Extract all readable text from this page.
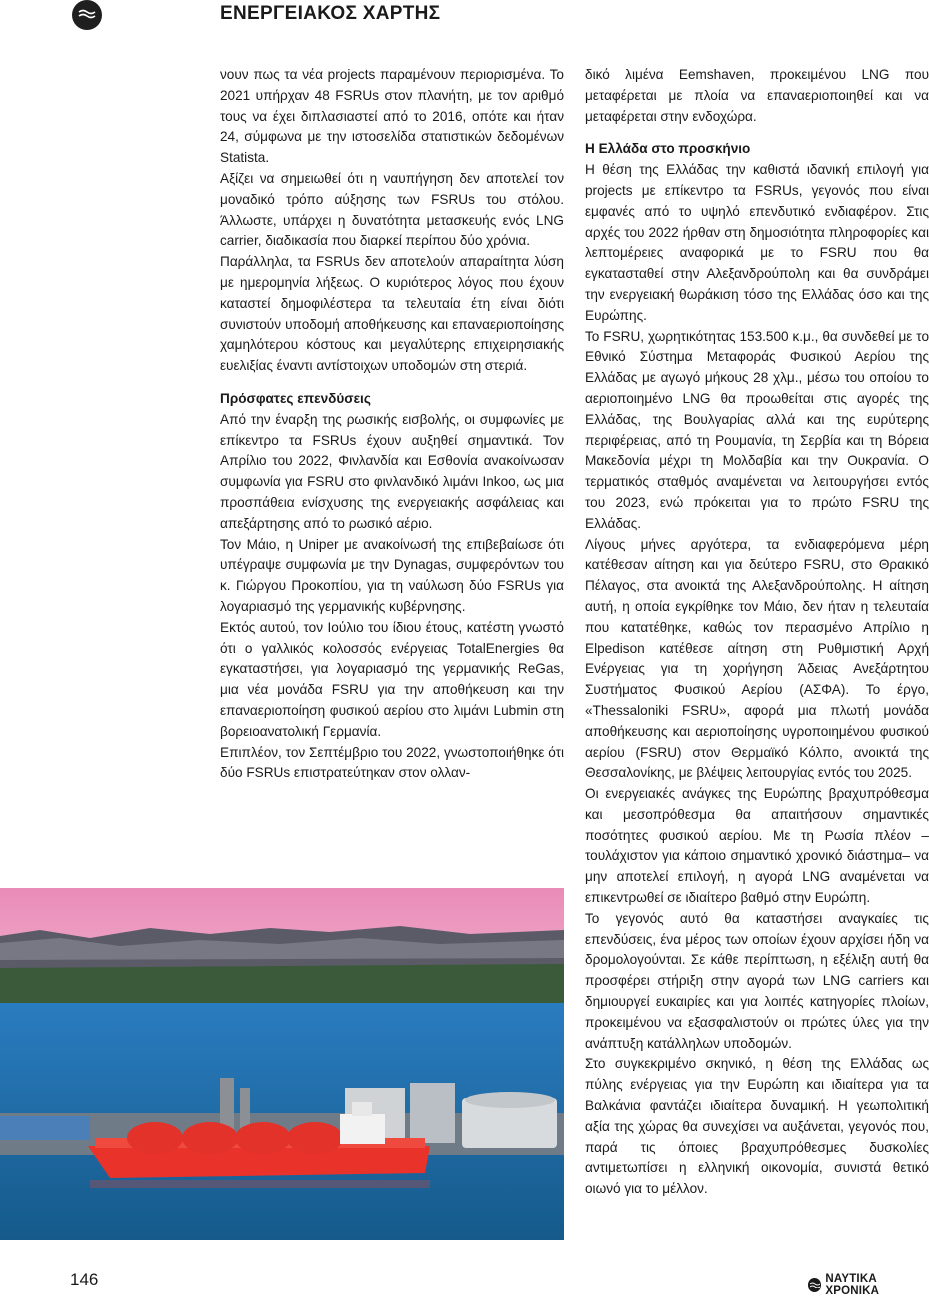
ΕΝΕΡΓΕΙΑΚΟΣ ΧΑΡΤΗΣ

νουν πως τα νέα projects παραμένουν περιορισμένα. Το 2021 υπήρχαν 48 FSRUs στον πλανήτη, με τον αριθμό τους να έχει διπλασιαστεί από το 2016, οπότε και ήταν 24, σύμφωνα με την ιστοσελίδα στατιστικών δεδομένων Statista.

Αξίζει να σημειωθεί ότι η ναυπήγηση δεν αποτελεί τον μοναδικό τρόπο αύξησης των FSRUs του στόλου. Άλλωστε, υπάρχει η δυνατότητα μετασκευής ενός LNG carrier, διαδικασία που διαρκεί περίπου δύο χρόνια.

Παράλληλα, τα FSRUs δεν αποτελούν απαραίτητα λύση με ημερομηνία λήξεως. Ο κυριότερος λόγος που έχουν καταστεί δημοφιλέστερα τα τελευταία έτη είναι διότι συνιστούν υποδομή αποθήκευσης και επαναεριοποίησης χαμηλότερου κόστους και μεγαλύτερης επιχειρησιακής ευελιξίας έναντι αντίστοιχων υποδομών στη στεριά.

Πρόσφατες επενδύσεις

Από την έναρξη της ρωσικής εισβολής, οι συμφωνίες με επίκεντρο τα FSRUs έχουν αυξηθεί σημαντικά. Τον Απρίλιο του 2022, Φινλανδία και Εσθονία ανακοίνωσαν συμφωνία για FSRU στο φινλανδικό λιμάνι Inkoo, ως μια προσπάθεια ενίσχυσης της ενεργειακής ασφάλειας και απεξάρτησης από το ρωσικό αέριο.

Τον Μάιο, η Uniper με ανακοίνωσή της επιβεβαίωσε ότι υπέγραψε συμφωνία με την Dynagas, συμφερόντων του κ. Γιώργου Προκοπίου, για τη ναύλωση δύο FSRUs για λογαριασμό της γερμανικής κυβέρνησης.

Εκτός αυτού, τον Ιούλιο του ίδιου έτους, κατέστη γνωστό ότι ο γαλλικός κολοσσός ενέργειας TotalEnergies θα εγκαταστήσει, για λογαριασμό της γερμανικής ReGas, μια νέα μονάδα FSRU για την αποθήκευση και την επαναεριοποίηση φυσικού αερίου στο λιμάνι Lubmin στη βορειοανατολική Γερμανία.

Επιπλέον, τον Σεπτέμβριο του 2022, γνωστοποιήθηκε ότι δύο FSRUs επιστρατεύτηκαν στον ολλαν-

δικό λιμένα Eemshaven, προκειμένου LNG που μεταφέρεται με πλοία να επαναεριοποιηθεί και να μεταφέρεται στην ενδοχώρα.

Η Ελλάδα στο προσκήνιο

Η θέση της Ελλάδας την καθιστά ιδανική επιλογή για projects με επίκεντρο τα FSRUs, γεγονός που είναι εμφανές από το υψηλό επενδυτικό ενδιαφέρον. Στις αρχές του 2022 ήρθαν στη δημοσιότητα πληροφορίες και λεπτομέρειες αναφορικά με το FSRU που θα εγκατασταθεί στην Αλεξανδρούπολη και θα συνδράμει την ενεργειακή θωράκιση τόσο της Ελλάδας όσο και της Ευρώπης.

Το FSRU, χωρητικότητας 153.500 κ.μ., θα συνδεθεί με το Εθνικό Σύστημα Μεταφοράς Φυσικού Αερίου της Ελλάδας με αγωγό μήκους 28 χλμ., μέσω του οποίου το αεριοποιημένο LNG θα προωθείται στις αγορές της Ελλάδας, της Βουλγαρίας αλλά και της ευρύτερης περιφέρειας, από τη Ρουμανία, τη Σερβία και τη Βόρεια Μακεδονία μέχρι τη Μολδαβία και την Ουκρανία. Ο τερματικός σταθμός αναμένεται να λειτουργήσει εντός του 2023, ενώ πρόκειται για το πρώτο FSRU της Ελλάδας.

Λίγους μήνες αργότερα, τα ενδιαφερόμενα μέρη κατέθεσαν αίτηση και για δεύτερο FSRU, στο Θρακικό Πέλαγος, στα ανοικτά της Αλεξανδρούπολης. Η αίτηση αυτή, η οποία εγκρίθηκε τον Μάιο, δεν ήταν η τελευταία που κατατέθηκε, καθώς τον περασμένο Απρίλιο η Elpedison κατέθεσε αίτηση στη Ρυθμιστική Αρχή Ενέργειας για τη χορήγηση Άδειας Ανεξάρτητου Συστήματος Φυσικού Αερίου (ΑΣΦΑ). Το έργο, «Thessaloniki FSRU», αφορά μια πλωτή μονάδα αποθήκευσης και αεριοποίησης υγροποιημένου φυσικού αερίου (FSRU) στον Θερμαϊκό Κόλπο, ανοικτά της Θεσσαλονίκης, με βλέψεις λειτουργίας εντός του 2025.

Οι ενεργειακές ανάγκες της Ευρώπης βραχυπρόθεσμα και μεσοπρόθεσμα θα απαιτήσουν σημαντικές ποσότητες φυσικού αερίου. Με τη Ρωσία πλέον –τουλάχιστον για κάποιο σημαντικό χρονικό διάστημα– να μην αποτελεί επιλογή, η αγορά LNG αναμένεται να επικεντρωθεί σε ιδιαίτερο βαθμό στην Ευρώπη.

Το γεγονός αυτό θα καταστήσει αναγκαίες τις επενδύσεις, ένα μέρος των οποίων έχουν αρχίσει ήδη να δρομολογούνται. Σε κάθε περίπτωση, η εξέλιξη αυτή θα προσφέρει στήριξη στην αγορά των LNG carriers και δημιουργεί ευκαιρίες και για λοιπές κατηγορίες πλοίων, προκειμένου να εξασφαλιστούν οι πρώτες ύλες για την ανάπτυξη κατάλληλων υποδομών.

Στο συγκεκριμένο σκηνικό, η θέση της Ελλάδας ως πύλης ενέργειας για την Ευρώπη και ιδιαίτερα για τα Βαλκάνια φαντάζει ιδιαίτερα δυναμική. Η γεωπολιτική αξία της χώρας θα συνεχίσει να αυξάνεται, γεγονός που, παρά τις όποιες βραχυπρόθεσμες δυσκολίες αντιμετωπίσει η ελληνική οικονομία, συνιστά θετικό οιωνό για το μέλλον.

146	ΝΑΥΤΙΚΑ ΧΡΟΝΙΚΑ
